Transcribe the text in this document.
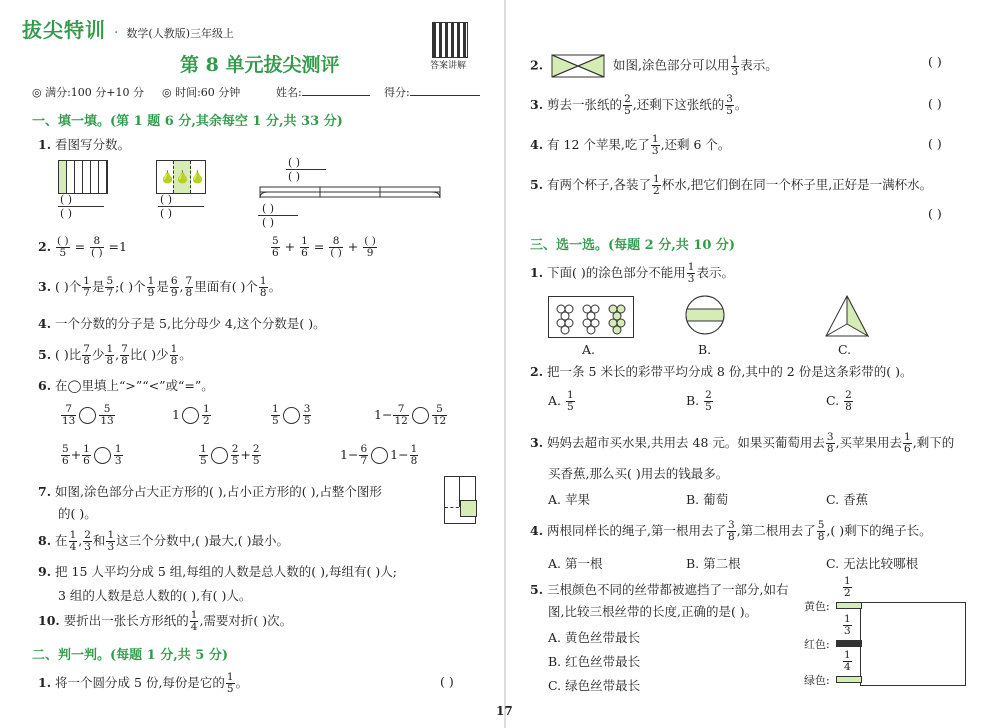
拔尖特训 · 数学(人教版)三年级上
答案讲解
第 8 单元拔尖测评
◎ 满分:100 分+10 分 ◎ 时间:60 分钟	姓名:	得分:
一、填一填。(第 1 题 6 分,其余每空 1 分,共 33 分)
1. 看图写分数。
( )
( )
🍐 🍐 🍐
( )
( )
( )
( )
( )
( )
2. $\frac{( )}{5} = \frac{8}{( )} =1$	$\frac{5}{6} + \frac{1}{6} = \frac{8}{( )} + \frac{( )}{9}$
3. ( )个 $\frac{1}{7}$ 是 $\frac{5}{7}$ ;( )个 $\frac{1}{9}$ 是 $\frac{6}{9}$ , $\frac{7}{8}$ 里面有( )个 $\frac{1}{8}$ 。
4. 一个分数的分子是 5,比分母少 4,这个分数是( )。
5. ( )比 $\frac{7}{8}$ 少 $\frac{1}{8}$ , $\frac{7}{8}$ 比( )少 $\frac{1}{8}$ 。
6. 在◯里填上“>”“<”或“=”。
$\frac{7}{13} \frac{5}{13}$	$1 \frac{1}{2}$	$\frac{1}{5} \frac{3}{5}$	$1- \frac{7}{12} \frac{5}{12}$
$\frac{5}{6} + \frac{1}{6} \frac{1}{3}$	$\frac{1}{5} \frac{2}{5} + \frac{2}{5}$	$1- \frac{6}{7} 1- \frac{1}{8}$
7. 如图,涂色部分占大正方形的( ),占小正方形的( ),占整个图形
的( )。
8. 在 $\frac{1}{4}$ , $\frac{2}{3}$ 和 $\frac{1}{3}$ 这三个分数中,( )最大,( )最小。
9. 把 15 人平均分成 5 组,每组的人数是总人数的( ),每组有( )人;
3 组的人数是总人数的( ),有( )人。
10. 要折出一张长方形纸的 $\frac{1}{4}$ ,需要对折( )次。
二、判一判。(每题 1 分,共 5 分)
1. 将一个圆分成 5 份,每份是它的 $\frac{1}{5}$ 。	( )
17
2.	如图,涂色部分可以用 $\frac{1}{3}$ 表示。	( )
3. 剪去一张纸的 $\frac{2}{5}$ ,还剩下这张纸的 $\frac{3}{5}$ 。	( )
4. 有 12 个苹果,吃了 $\frac{1}{3}$ ,还剩 6 个。	( )
5. 有两个杯子,各装了 $\frac{1}{2}$ 杯水,把它们倒在同一个杯子里,正好是一满杯水。
( )
三、选一选。(每题 2 分,共 10 分)
1. 下面( )的涂色部分不能用 $\frac{1}{3}$ 表示。
A.	B.	C.
2. 把一条 5 米长的彩带平均分成 8 份,其中的 2 份是这条彩带的( )。
A. $\frac{1}{5}$	B. $\frac{2}{5}$	C. $\frac{2}{8}$
3. 妈妈去超市买水果,共用去 48 元。如果买葡萄用去 $\frac{3}{8}$ ,买苹果用去 $\frac{1}{6}$ ,剩下的
买香蕉,那么买( )用去的钱最多。
A. 苹果	B. 葡萄	C. 香蕉
4. 两根同样长的绳子,第一根用去了 $\frac{3}{8}$ ,第二根用去了 $\frac{5}{8}$ ,( )剩下的绳子长。
A. 第一根	B. 第二根	C. 无法比较哪根
5. 三根颜色不同的丝带都被遮挡了一部分,如右
图,比较三根丝带的长度,正确的是( )。
A. 黄色丝带最长
B. 红色丝带最长
C. 绿色丝带最长
黄色:
$\frac{1}{2}$
红色:
$\frac{1}{3}$
绿色:
$\frac{1}{4}$
